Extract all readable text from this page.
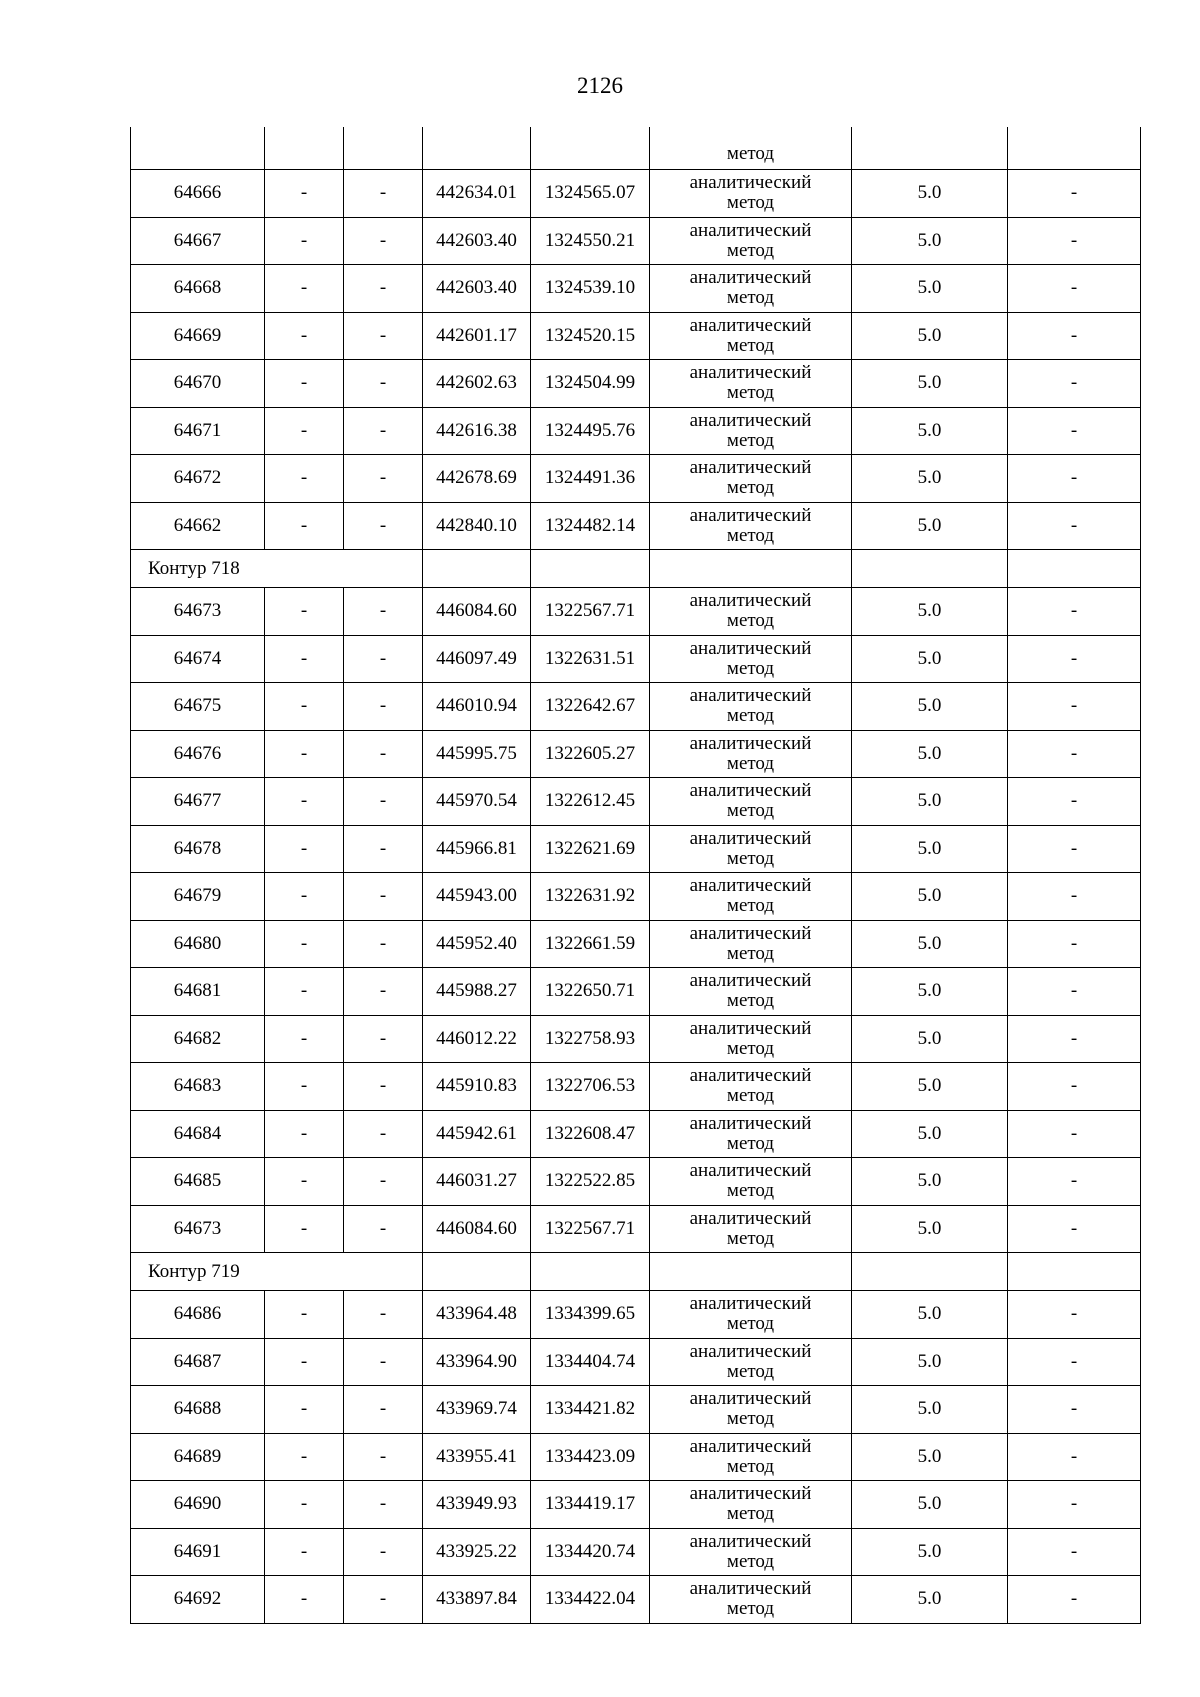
2126
					метод		
64666	-	-	442634.01	1324565.07	аналитический
метод	5.0	-
64667	-	-	442603.40	1324550.21	аналитический
метод	5.0	-
64668	-	-	442603.40	1324539.10	аналитический
метод	5.0	-
64669	-	-	442601.17	1324520.15	аналитический
метод	5.0	-
64670	-	-	442602.63	1324504.99	аналитический
метод	5.0	-
64671	-	-	442616.38	1324495.76	аналитический
метод	5.0	-
64672	-	-	442678.69	1324491.36	аналитический
метод	5.0	-
64662	-	-	442840.10	1324482.14	аналитический
метод	5.0	-
Контур 718							
64673	-	-	446084.60	1322567.71	аналитический
метод	5.0	-
64674	-	-	446097.49	1322631.51	аналитический
метод	5.0	-
64675	-	-	446010.94	1322642.67	аналитический
метод	5.0	-
64676	-	-	445995.75	1322605.27	аналитический
метод	5.0	-
64677	-	-	445970.54	1322612.45	аналитический
метод	5.0	-
64678	-	-	445966.81	1322621.69	аналитический
метод	5.0	-
64679	-	-	445943.00	1322631.92	аналитический
метод	5.0	-
64680	-	-	445952.40	1322661.59	аналитический
метод	5.0	-
64681	-	-	445988.27	1322650.71	аналитический
метод	5.0	-
64682	-	-	446012.22	1322758.93	аналитический
метод	5.0	-
64683	-	-	445910.83	1322706.53	аналитический
метод	5.0	-
64684	-	-	445942.61	1322608.47	аналитический
метод	5.0	-
64685	-	-	446031.27	1322522.85	аналитический
метод	5.0	-
64673	-	-	446084.60	1322567.71	аналитический
метод	5.0	-
Контур 719							
64686	-	-	433964.48	1334399.65	аналитический
метод	5.0	-
64687	-	-	433964.90	1334404.74	аналитический
метод	5.0	-
64688	-	-	433969.74	1334421.82	аналитический
метод	5.0	-
64689	-	-	433955.41	1334423.09	аналитический
метод	5.0	-
64690	-	-	433949.93	1334419.17	аналитический
метод	5.0	-
64691	-	-	433925.22	1334420.74	аналитический
метод	5.0	-
64692	-	-	433897.84	1334422.04	аналитический
метод	5.0	-
